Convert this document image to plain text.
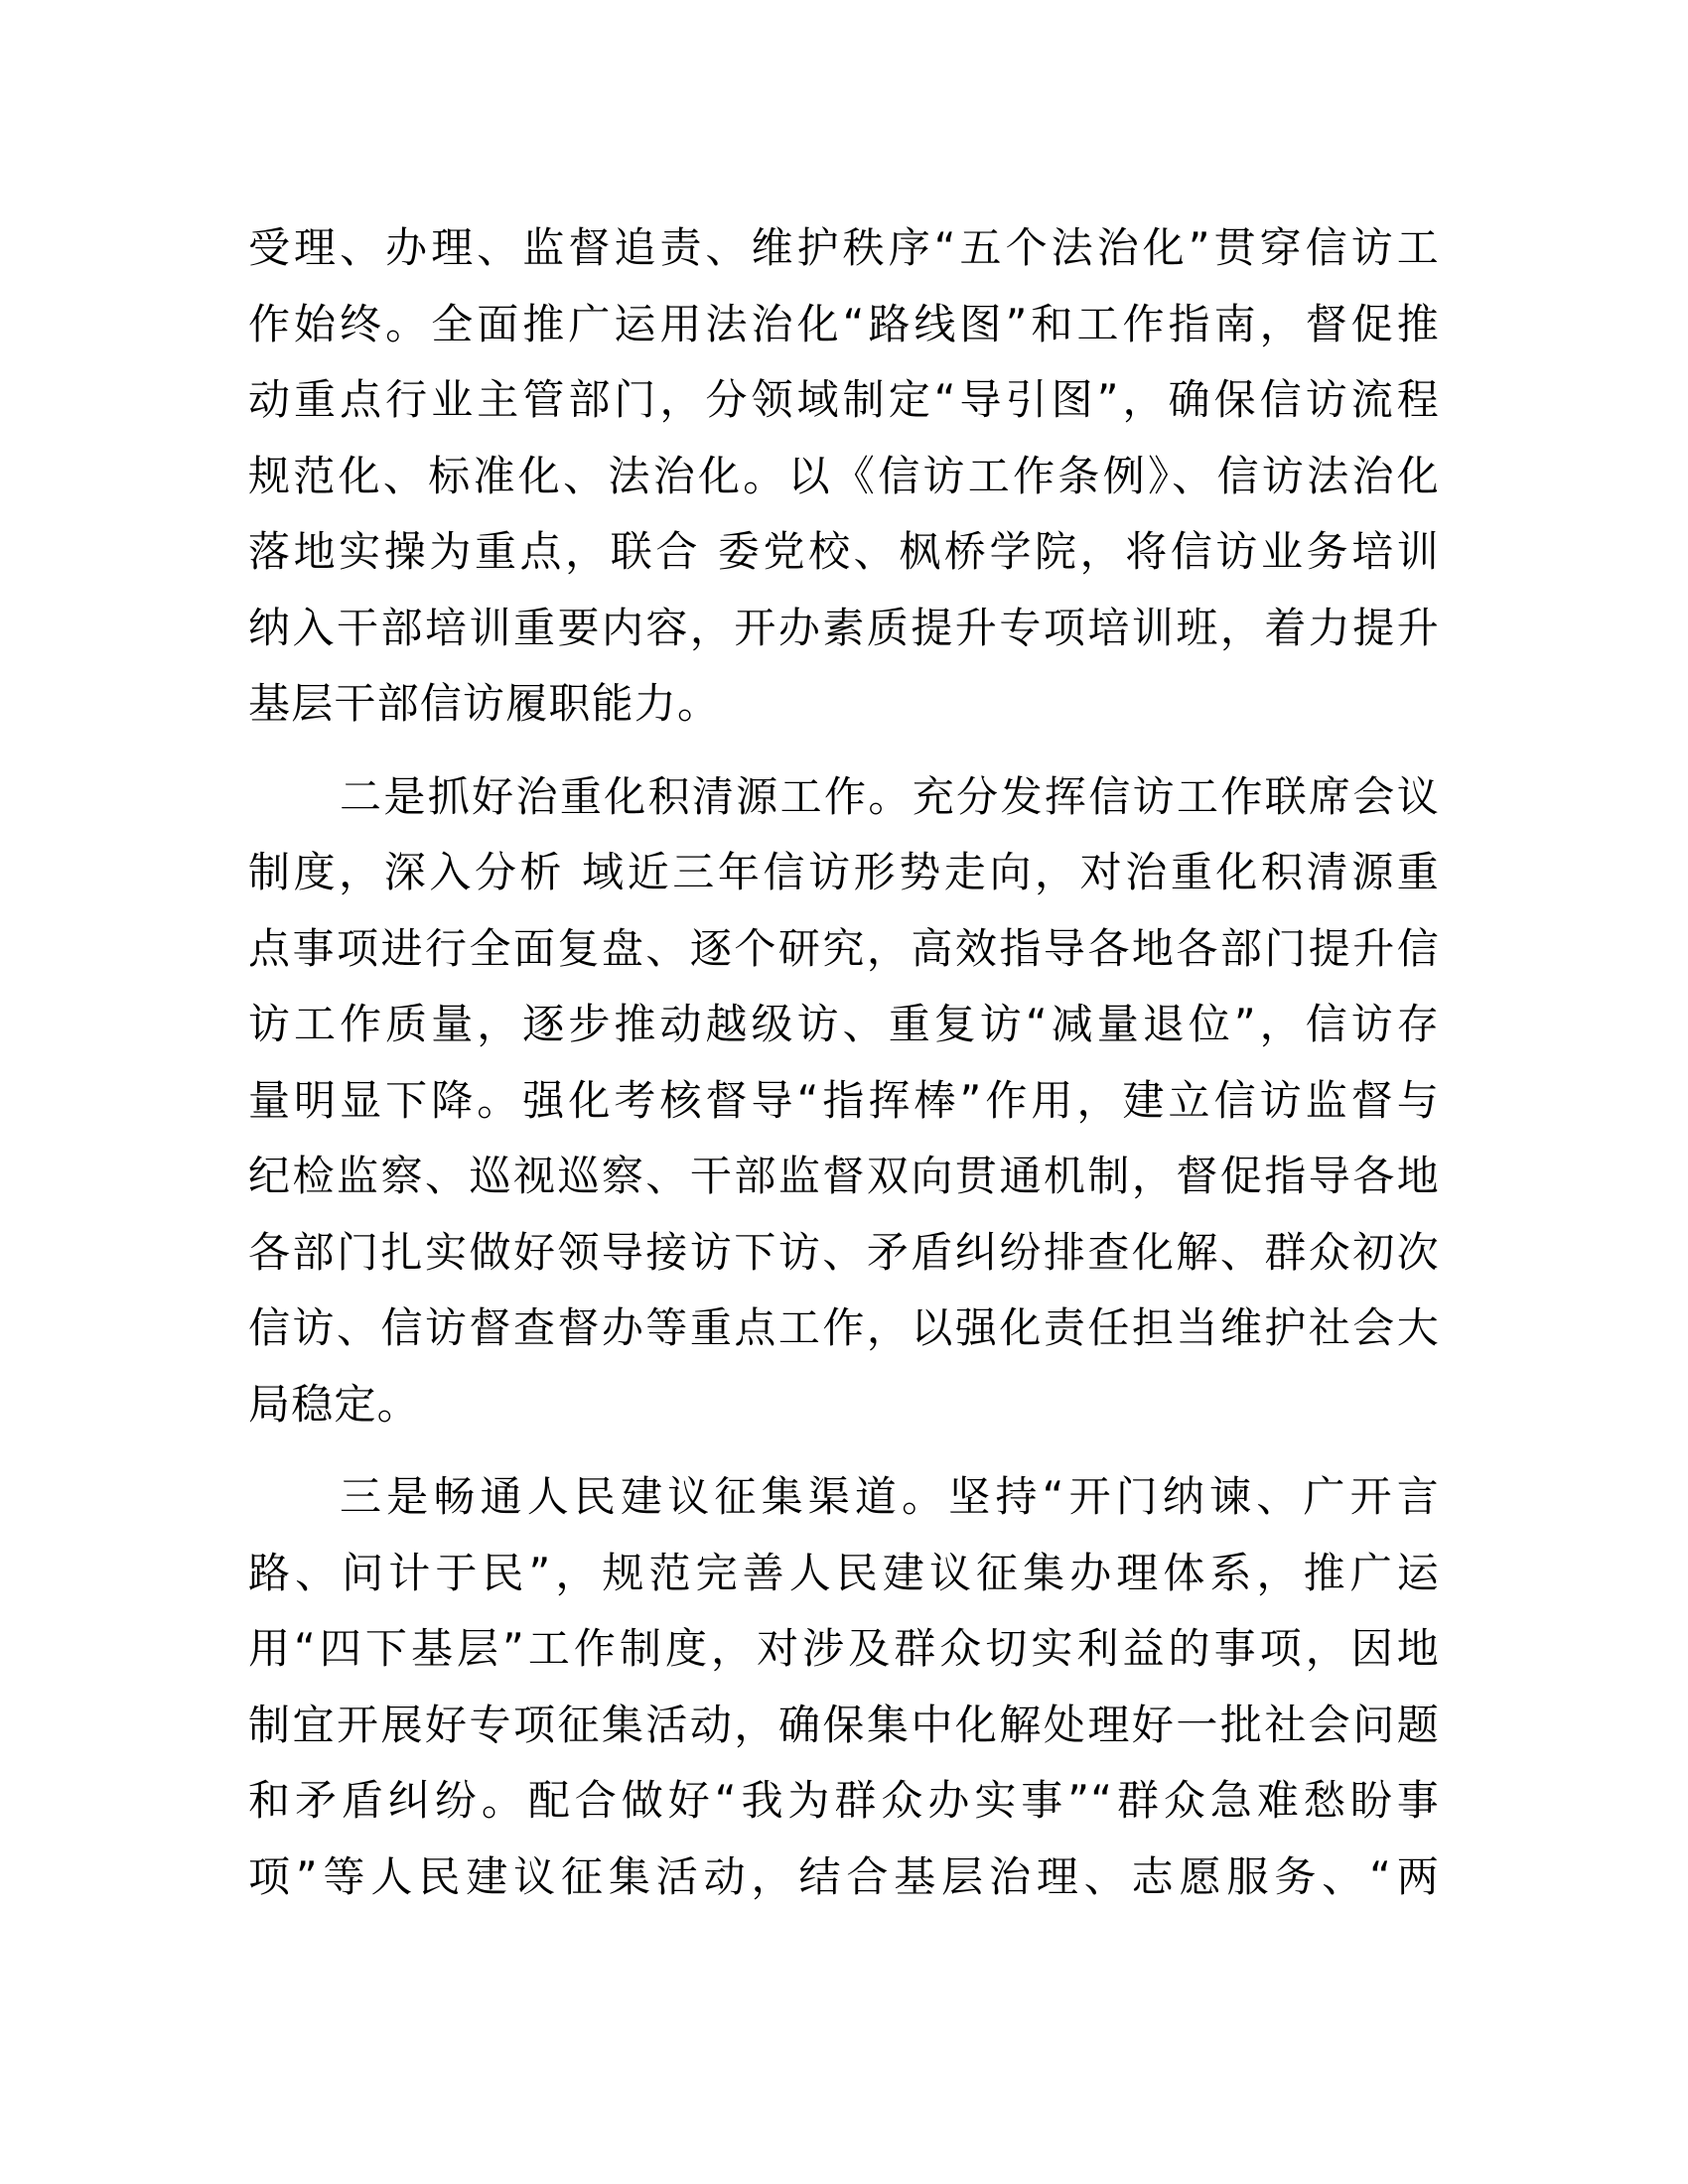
受理、办理、监督追责、维护秩序“五个法治化”贯穿信访工
作始终。全面推广运用法治化“路线图”和工作指南，督促推
动重点行业主管部门，分领域制定“导引图”，确保信访流程
规范化、标准化、法治化。以《信访工作条例》、信访法治化
落地实操为重点，联合 委党校、枫桥学院，将信访业务培训
纳入干部培训重要内容，开办素质提升专项培训班，着力提升
基层干部信访履职能力。
二是抓好治重化积清源工作。充分发挥信访工作联席会议
制度，深入分析 域近三年信访形势走向，对治重化积清源重
点事项进行全面复盘、逐个研究，高效指导各地各部门提升信
访工作质量，逐步推动越级访、重复访“减量退位”，信访存
量明显下降。强化考核督导“指挥棒”作用，建立信访监督与
纪检监察、巡视巡察、干部监督双向贯通机制，督促指导各地
各部门扎实做好领导接访下访、矛盾纠纷排查化解、群众初次
信访、信访督查督办等重点工作，以强化责任担当维护社会大
局稳定。
三是畅通人民建议征集渠道。坚持“开门纳谏、广开言
路、问计于民”，规范完善人民建议征集办理体系，推广运
用“四下基层”工作制度，对涉及群众切实利益的事项，因地
制宜开展好专项征集活动，确保集中化解处理好一批社会问题
和矛盾纠纷。配合做好“我为群众办实事”“群众急难愁盼事
项”等人民建议征集活动，结合基层治理、志愿服务、“两
